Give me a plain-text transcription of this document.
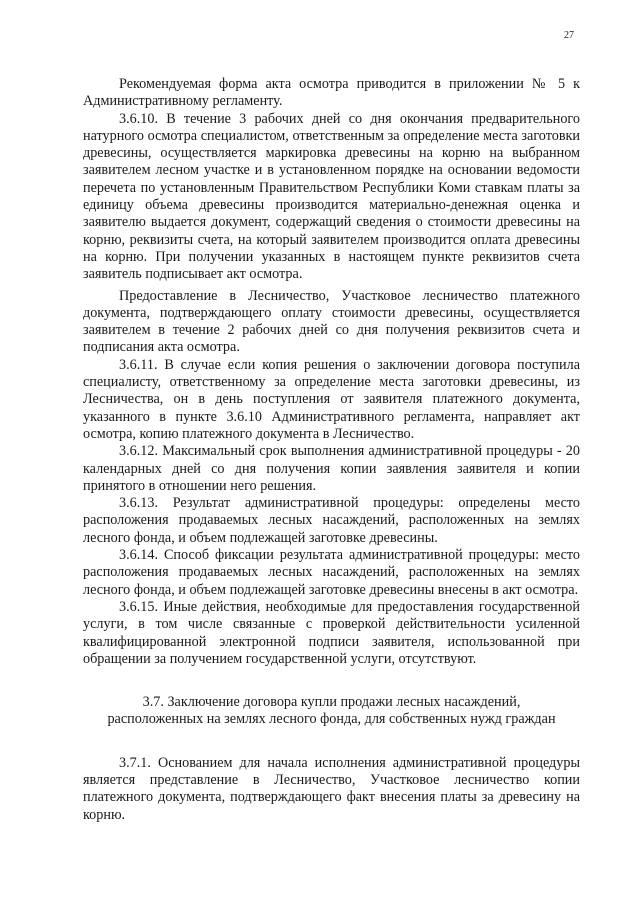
27

Рекомендуемая форма акта осмотра приводится в приложении № 5 к Административному регламенту.

3.6.10. В течение 3 рабочих дней со дня окончания предварительного натурного осмотра специалистом, ответственным за определение места заготовки древесины, осуществляется маркировка древесины на корню на выбранном заявителем лесном участке и в установленном порядке на основании ведомости перечета по установленным Правительством Республики Коми ставкам платы за единицу объема древесины производится материально-денежная оценка и заявителю выдается документ, содержащий сведения о стоимости древесины на корню, реквизиты счета, на который заявителем производится оплата древесины на корню. При получении указанных в настоящем пункте реквизитов счета заявитель подписывает акт осмотра.

Предоставление в Лесничество, Участковое лесничество платежного документа, подтверждающего оплату стоимости древесины, осуществляется заявителем в течение 2 рабочих дней со дня получения реквизитов счета и подписания акта осмотра.

3.6.11. В случае если копия решения о заключении договора поступила специалисту, ответственному за определение места заготовки древесины, из Лесничества, он в день поступления от заявителя платежного документа, указанного в пункте 3.6.10 Административного регламента, направляет акт осмотра, копию платежного документа в Лесничество.

3.6.12. Максимальный срок выполнения административной процедуры - 20 календарных дней со дня получения копии заявления заявителя и копии принятого в отношении него решения.

3.6.13. Результат административной процедуры: определены место расположения продаваемых лесных насаждений, расположенных на землях лесного фонда, и объем подлежащей заготовке древесины.

3.6.14. Способ фиксации результата административной процедуры: место расположения продаваемых лесных насаждений, расположенных на землях лесного фонда, и объем подлежащей заготовке древесины внесены в акт осмотра.

3.6.15. Иные действия, необходимые для предоставления государственной услуги, в том числе связанные с проверкой действительности усиленной квалифицированной электронной подписи заявителя, использованной при обращении за получением государственной услуги, отсутствуют.

3.7. Заключение договора купли продажи лесных насаждений,
расположенных на землях лесного фонда, для собственных нужд граждан

3.7.1. Основанием для начала исполнения административной процедуры является представление в Лесничество, Участковое лесничество копии платежного документа, подтверждающего факт внесения платы за древесину на корню.
